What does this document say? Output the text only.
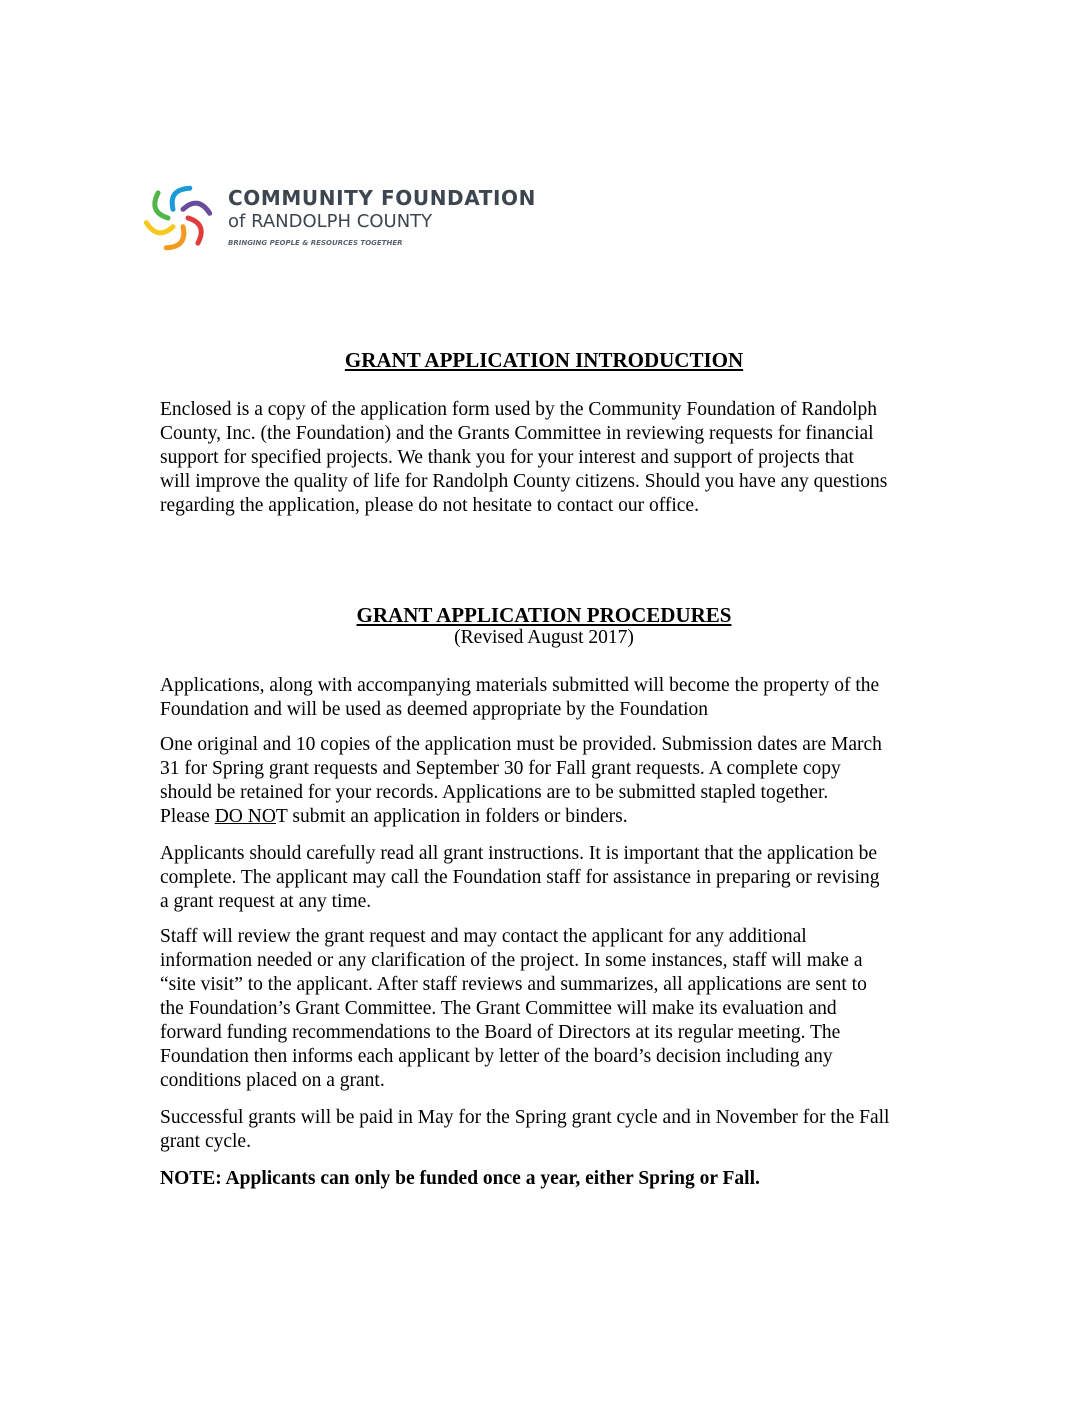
COMMUNITY FOUNDATION
of RANDOLPH COUNTY
BRINGING PEOPLE & RESOURCES TOGETHER
GRANT APPLICATION INTRODUCTION
Enclosed is a copy of the application form used by the Community Foundation of Randolph
County, Inc. (the Foundation) and the Grants Committee in reviewing requests for financial
support for specified projects. We thank you for your interest and support of projects that
will improve the quality of life for Randolph County citizens. Should you have any questions
regarding the application, please do not hesitate to contact our office.
GRANT APPLICATION PROCEDURES
(Revised August 2017)
Applications, along with accompanying materials submitted will become the property of the
Foundation and will be used as deemed appropriate by the Foundation
One original and 10 copies of the application must be provided. Submission dates are March
31 for Spring grant requests and September 30 for Fall grant requests. A complete copy
should be retained for your records. Applications are to be submitted stapled together.
Please DO NOT submit an application in folders or binders.
Applicants should carefully read all grant instructions. It is important that the application be
complete. The applicant may call the Foundation staff for assistance in preparing or revising
a grant request at any time.
Staff will review the grant request and may contact the applicant for any additional
information needed or any clarification of the project. In some instances, staff will make a
“site visit” to the applicant. After staff reviews and summarizes, all applications are sent to
the Foundation’s Grant Committee. The Grant Committee will make its evaluation and
forward funding recommendations to the Board of Directors at its regular meeting. The
Foundation then informs each applicant by letter of the board’s decision including any
conditions placed on a grant.
Successful grants will be paid in May for the Spring grant cycle and in November for the Fall
grant cycle.
NOTE: Applicants can only be funded once a year, either Spring or Fall.
